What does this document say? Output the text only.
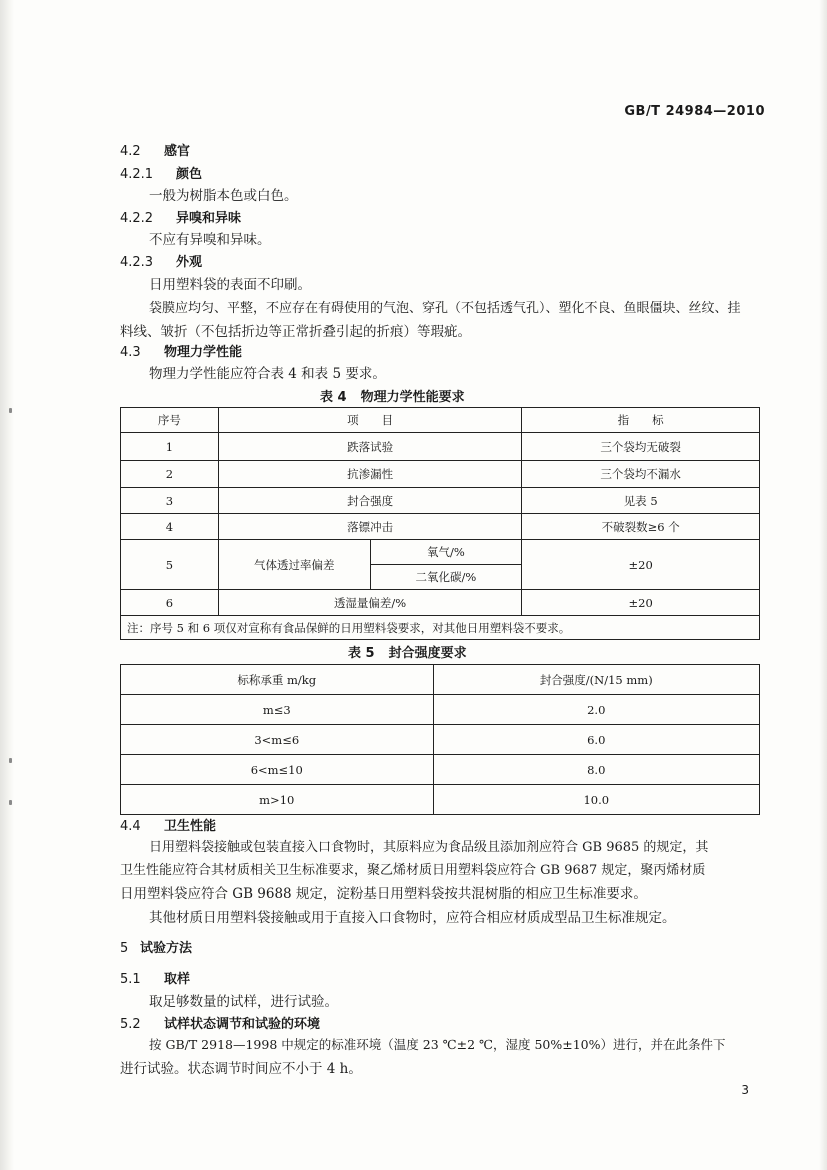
GB/T 24984—2010
4.2 感官
4.2.1 颜色
一般为树脂本色或白色。
4.2.2 异嗅和异味
不应有异嗅和异味。
4.2.3 外观
日用塑料袋的表面不印刷。
袋膜应均匀、平整，不应存在有碍使用的气泡、穿孔（不包括透气孔）、塑化不良、鱼眼僵块、丝纹、挂
料线、皱折（不包括折边等正常折叠引起的折痕）等瑕疵。
4.3 物理力学性能
物理力学性能应符合表 4 和表 5 要求。
表 4 物理力学性能要求
序号	项　　目		指　　标
1	跌落试验		三个袋均无破裂
2	抗渗漏性		三个袋均不漏水
3	封合强度		见表 5
4	落镖冲击		不破裂数≥6 个
5	气体透过率偏差	氧气/%	±20
		二氧化碳/%	
6	透湿量偏差/%		±20
注：序号 5 和 6 项仅对宣称有食品保鲜的日用塑料袋要求，对其他日用塑料袋不要求。			
表 5 封合强度要求
标称承重 m/kg	封合强度/(N/15 mm)
m≤3	2.0
3<m≤6	6.0
6<m≤10	8.0
m>10	10.0
4.4 卫生性能
日用塑料袋接触或包装直接入口食物时，其原料应为食品级且添加剂应符合 GB 9685 的规定，其
卫生性能应符合其材质相关卫生标准要求，聚乙烯材质日用塑料袋应符合 GB 9687 规定，聚丙烯材质
日用塑料袋应符合 GB 9688 规定，淀粉基日用塑料袋按共混树脂的相应卫生标准要求。
其他材质日用塑料袋接触或用于直接入口食物时，应符合相应材质成型品卫生标准规定。
5 试验方法
5.1 取样
取足够数量的试样，进行试验。
5.2 试样状态调节和试验的环境
按 GB/T 2918—1998 中规定的标准环境（温度 23 ℃±2 ℃，湿度 50%±10%）进行，并在此条件下
进行试验。状态调节时间应不小于 4 h。
3
